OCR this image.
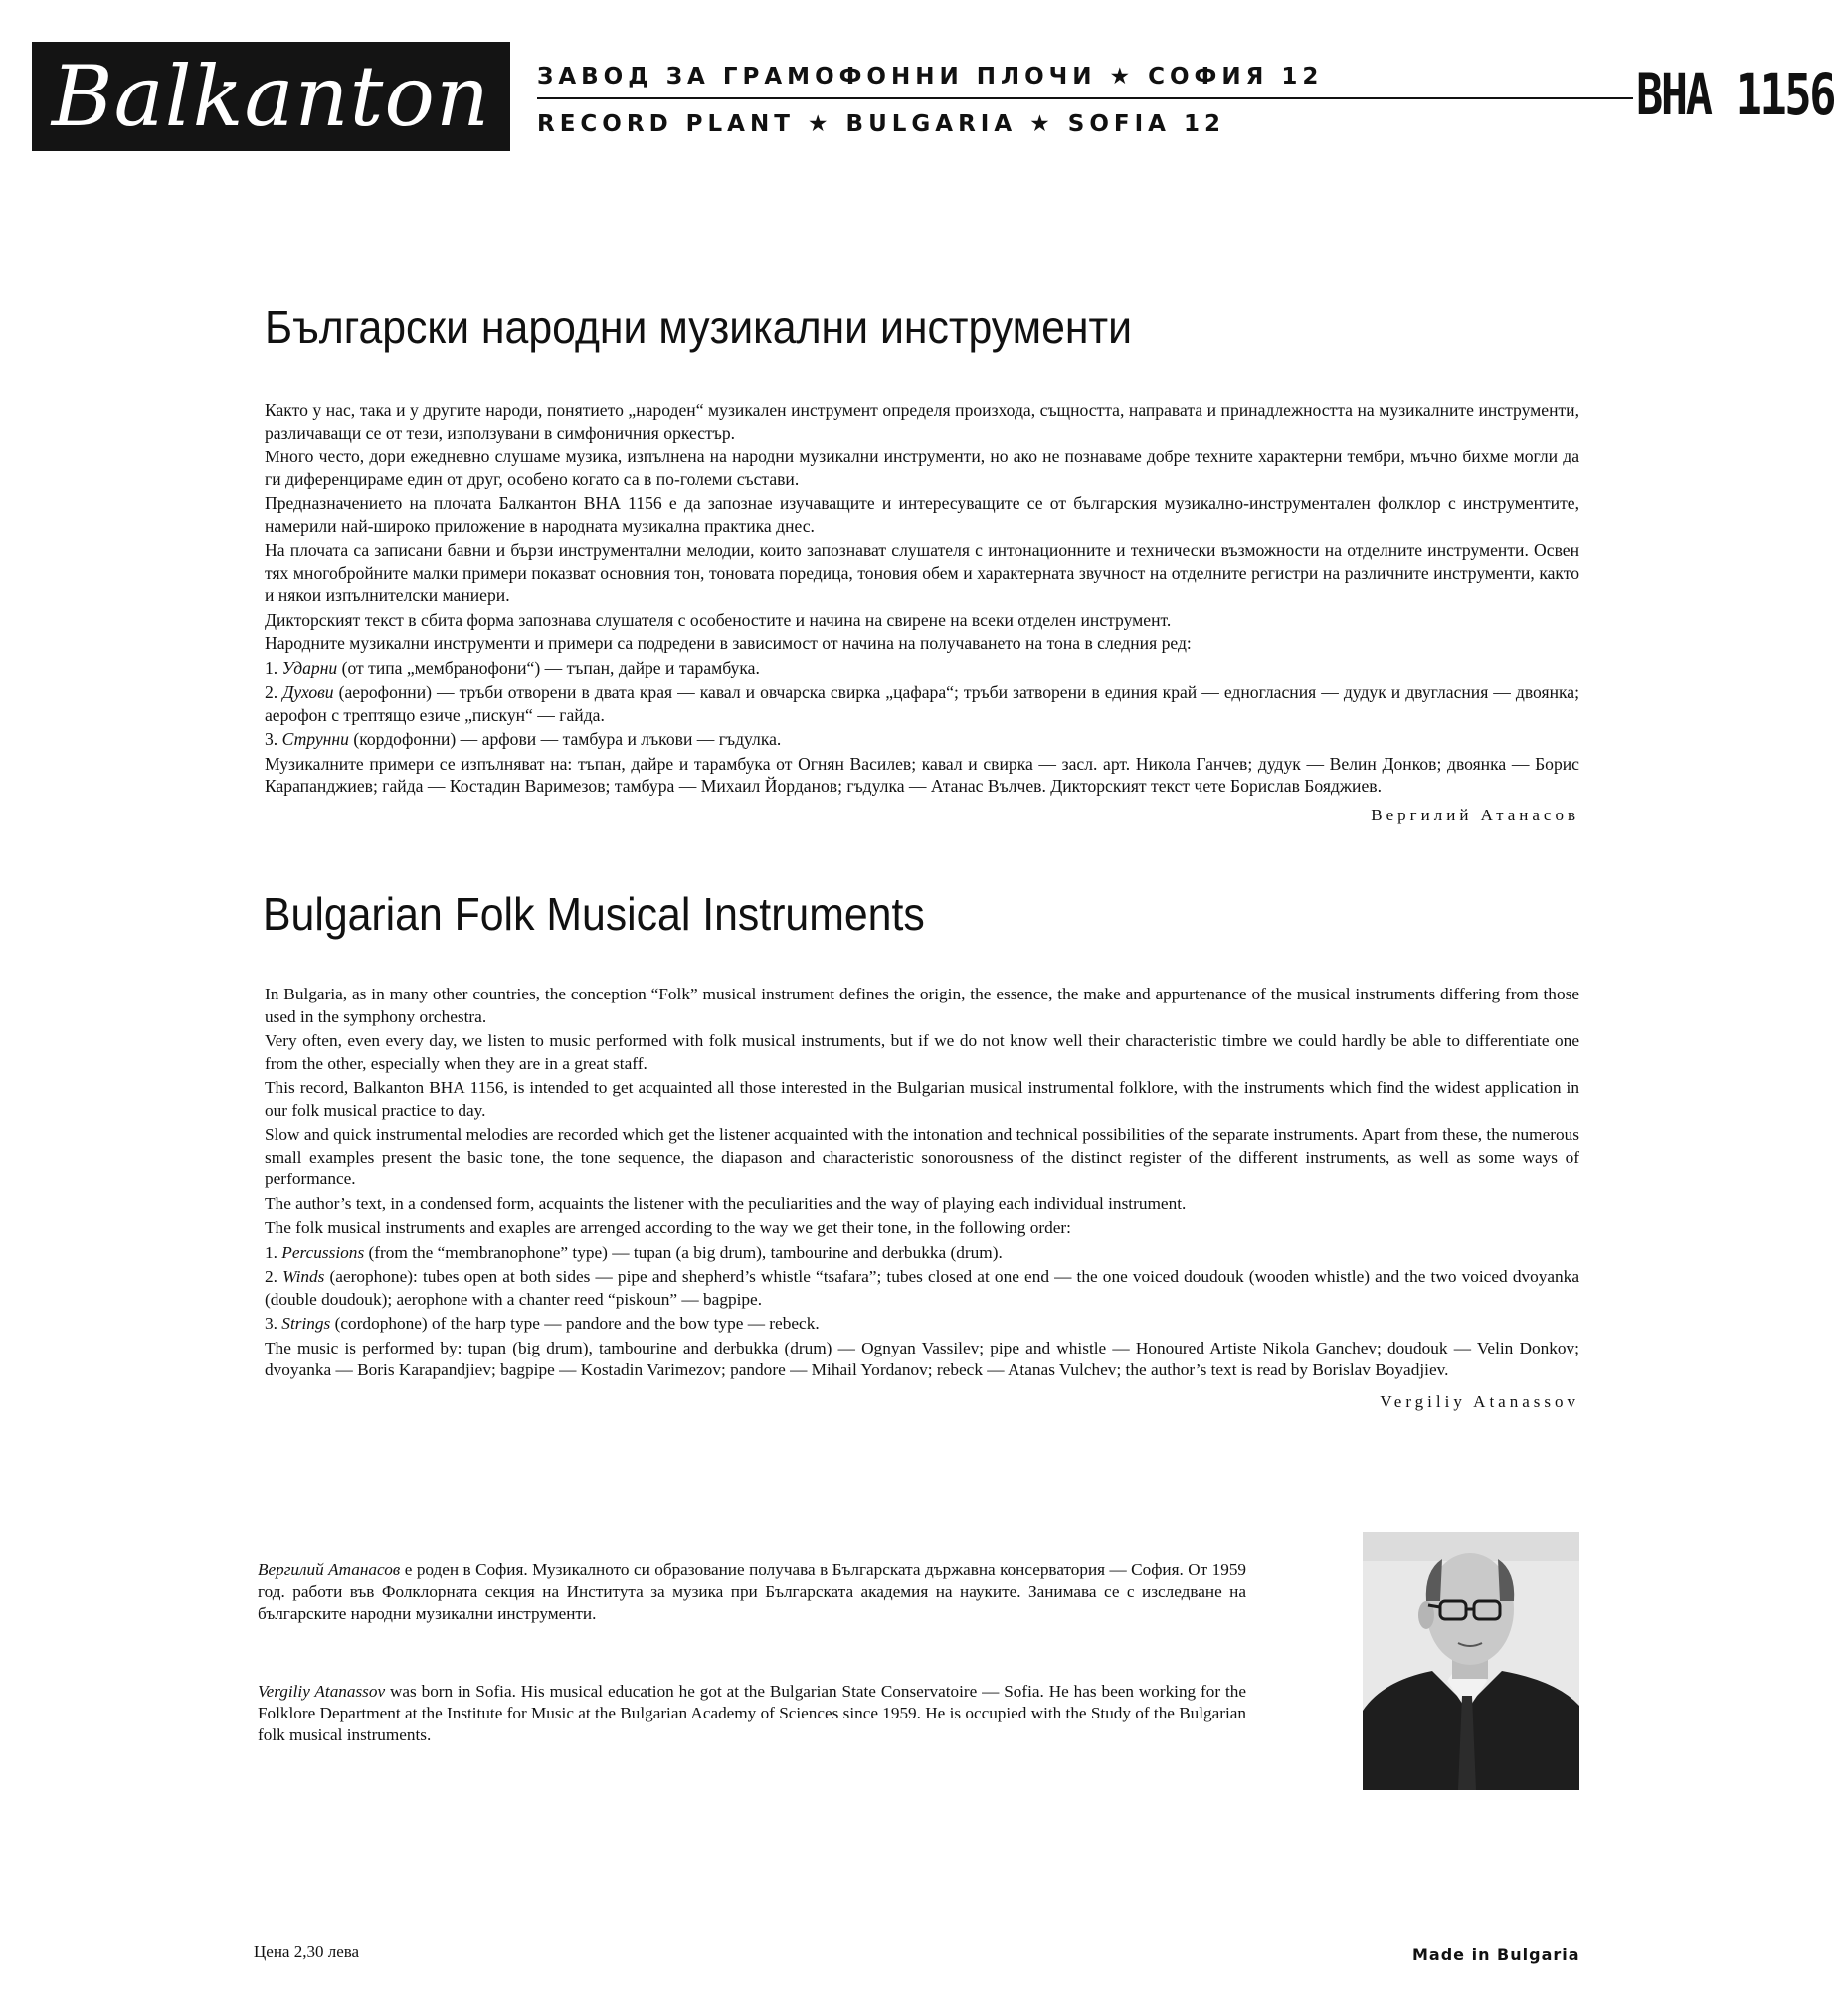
Balkanton ЗАВОД ЗА ГРАМОФОННИ ПЛОЧИ ★ СОФИЯ 12
RECORD PLANT ★ BULGARIA ★ SOFIA 12	ВНА 1156
Български народни музикални инструменти

Както у нас, така и у другите народи, понятието „народен“ музикален инструмент определя произхода, същността, направата и принадлежността на музикалните инструменти, различаващи се от тези, използувани в симфоничния оркестър.

Много често, дори ежедневно слушаме музика, изпълнена на народни музикални инструменти, но ако не познаваме добре техните характерни тембри, мъчно бихме могли да ги диференцираме един от друг, особено когато са в по-големи състави.

Предназначението на плочата Балкантон ВНА 1156 е да запознае изучаващите и интересуващите се от българския музикално-инструментален фолклор с инструментите, намерили най-широко приложение в народната музикална практика днес.

На плочата са записани бавни и бързи инструментални мелодии, които запознават слушателя с интонационните и технически възможности на отделните инструменти. Освен тях многобройните малки примери показват основния тон, тоновата поредица, тоновия обем и характерната звучност на отделните регистри на различните инструменти, както и някои изпълнителски маниери.

Дикторският текст в сбита форма запознава слушателя с особеностите и начина на свирене на всеки отделен инструмент.

Народните музикални инструменти и примери са подредени в зависимост от начина на получаването на тона в следния ред:

1. Ударни (от типа „мембранофони“) — тъпан, дайре и тарамбука.

2. Духови (аерофонни) — тръби отворени в двата края — кавал и овчарска свирка „цафара“; тръби затворени в единия край — едногласния — дудук и двугласния — двоянка; аерофон с трептящо езиче „пискун“ — гайда.

3. Струнни (кордофонни) — арфови — тамбура и лъкови — гъдулка.

Музикалните примери се изпълняват на: тъпан, дайре и тарамбука от Огнян Василев; кавал и свирка — засл. арт. Никола Ганчев; дудук — Велин Донков; двоянка — Борис Карапанджиев; гайда — Костадин Варимезов; тамбура — Михаил Йорданов; гъдулка — Атанас Вълчев. Дикторският текст чете Борислав Бояджиев.

Вергилий Атанасов
Bulgarian Folk Musical Instruments

In Bulgaria, as in many other countries, the conception “Folk” musical instrument defines the origin, the essence, the make and appurtenance of the musical instruments differing from those used in the symphony orchestra.

Very often, even every day, we listen to music performed with folk musical instruments, but if we do not know well their characteristic timbre we could hardly be able to differentiate one from the other, especially when they are in a great staff.

This record, Balkanton ВНА 1156, is intended to get acquainted all those interested in the Bulgarian musical instrumental folklore, with the instruments which find the widest application in our folk musical practice to day.

Slow and quick instrumental melodies are recorded which get the listener acquainted with the intonation and technical possibilities of the separate instruments. Apart from these, the numerous small examples present the basic tone, the tone sequence, the diapason and characteristic sonorousness of the distinct register of the different instruments, as well as some ways of performance.

The author’s text, in a condensed form, acquaints the listener with the peculiarities and the way of playing each individual instrument.

The folk musical instruments and exaples are arrenged according to the way we get their tone, in the following order:

1. Percussions (from the “membranophone” type) — tupan (a big drum), tambourine and derbukka (drum).

2. Winds (aerophone): tubes open at both sides — pipe and shepherd’s whistle “tsafara”; tubes closed at one end — the one voiced doudouk (wooden whistle) and the two voiced dvoyanka (double doudouk); aerophone with a chanter reed “piskoun” — bagpipe.

3. Strings (cordophone) of the harp type — pandore and the bow type — rebeck.

The music is performed by: tupan (big drum), tambourine and derbukka (drum) — Ognyan Vassilev; pipe and whistle — Honoured Artiste Nikola Ganchev; doudouk — Velin Donkov; dvoyanka — Boris Karapandjiev; bagpipe — Kostadin Varimezov; pandore — Mihail Yordanov; rebeck — Atanas Vulchev; the author’s text is read by Borislav Boyadjiev.

Vergiliy Atanassov
Вергилий Атанасов е роден в София. Музикалното си образование получава в Българската държавна консерватория — София. От 1959 год. работи във Фолклорната секция на Института за музика при Българската академия на науките. Занимава се с изследване на българските народни музикални инструменти.
Vergiliy Atanassov was born in Sofia. His musical education he got at the Bulgarian State Conservatoire — Sofia. He has been working for the Folklore Department at the Institute for Music at the Bulgarian Academy of Sciences since 1959. He is occupied with the Study of the Bulgarian folk musical instruments.
Цена 2,30 лева	Made in Bulgaria
